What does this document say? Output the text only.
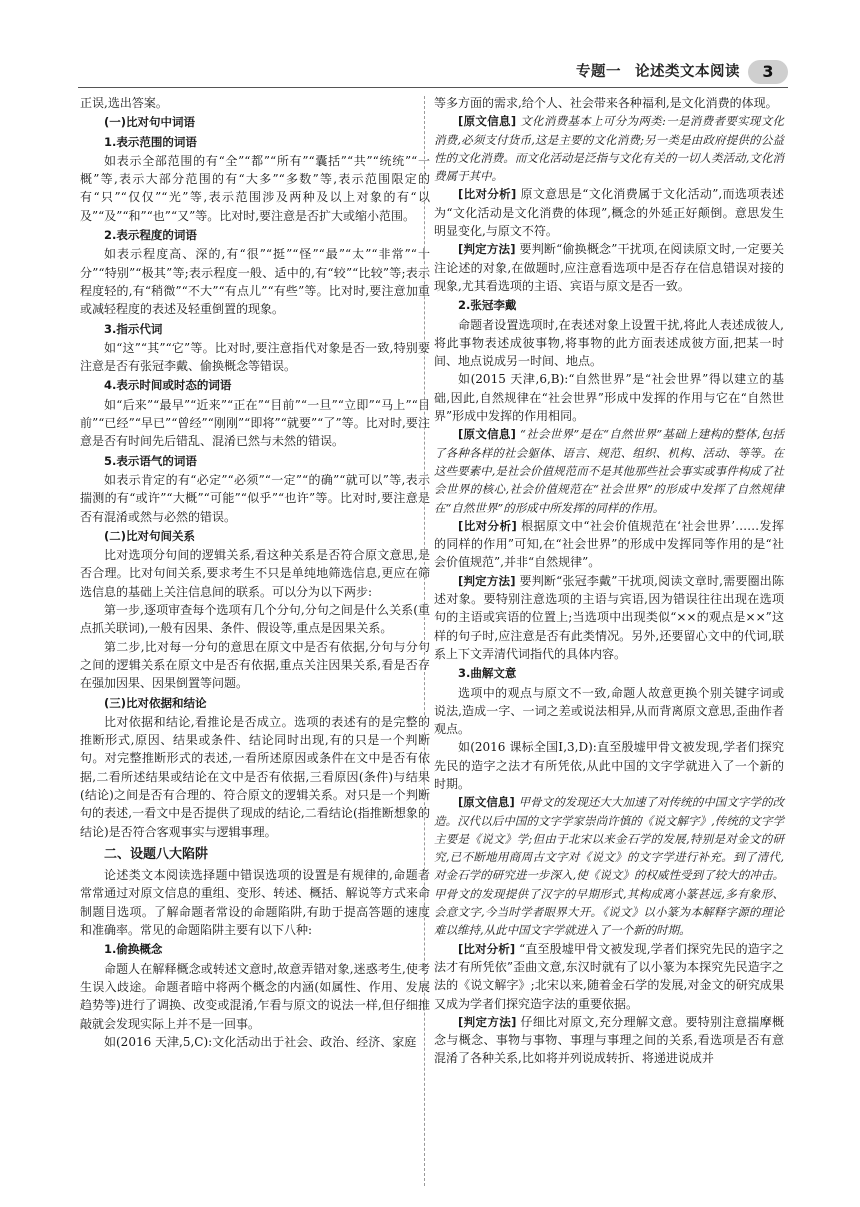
专题一 论述类文本阅读	3

正误,选出答案。

(一)比对句中词语
1.表示范围的词语

如表示全部范围的有“全”“都”“所有”“囊括”“共”“统统”“一概”等,表示大部分范围的有“大多”“多数”等,表示范围限定的有“只”“仅仅”“光”等,表示范围涉及两种及以上对象的有“以及”“及”“和”“也”“又”等。比对时,要注意是否扩大或缩小范围。

2.表示程度的词语

如表示程度高、深的,有“很”“挺”“怪”“最”“太”“非常”“十分”“特别”“极其”等;表示程度一般、适中的,有“较”“比较”等;表示程度轻的,有“稍微”“不大”“有点儿”“有些”等。比对时,要注意加重或减轻程度的表述及轻重倒置的现象。

3.指示代词

如“这”“其”“它”等。比对时,要注意指代对象是否一致,特别要注意是否有张冠李戴、偷换概念等错误。

4.表示时间或时态的词语

如“后来”“最早”“近来”“正在”“目前”“一旦”“立即”“马上”“目前”“已经”“早已”“曾经”“刚刚”“即将”“就要”“了”等。比对时,要注意是否有时间先后错乱、混淆已然与未然的错误。

5.表示语气的词语

如表示肯定的有“必定”“必须”“一定”“的确”“就可以”等,表示揣测的有“或许”“大概”“可能”“似乎”“也许”等。比对时,要注意是否有混淆或然与必然的错误。

(二)比对句间关系

比对选项分句间的逻辑关系,看这种关系是否符合原文意思,是否合理。比对句间关系,要求考生不只是单纯地筛选信息,更应在筛选信息的基础上关注信息间的联系。可以分为以下两步:

第一步,逐项审查每个选项有几个分句,分句之间是什么关系(重点抓关联词),一般有因果、条件、假设等,重点是因果关系。

第二步,比对每一分句的意思在原文中是否有依据,分句与分句之间的逻辑关系在原文中是否有依据,重点关注因果关系,看是否存在强加因果、因果倒置等问题。

(三)比对依据和结论

比对依据和结论,看推论是否成立。选项的表述有的是完整的推断形式,原因、结果或条件、结论同时出现,有的只是一个判断句。对完整推断形式的表述,一看所述原因或条件在文中是否有依据,二看所述结果或结论在文中是否有依据,三看原因(条件)与结果(结论)之间是否有合理的、符合原文的逻辑关系。对只是一个判断句的表述,一看文中是否提供了现成的结论,二看结论(指推断想象的结论)是否符合客观事实与逻辑事理。

二、设题八大陷阱

论述类文本阅读选择题中错误选项的设置是有规律的,命题者常常通过对原文信息的重组、变形、转述、概括、解说等方式来命制题目选项。了解命题者常设的命题陷阱,有助于提高答题的速度和准确率。常见的命题陷阱主要有以下八种:

1.偷换概念

命题人在解释概念或转述文意时,故意弄错对象,迷惑考生,使考生误入歧途。命题者暗中将两个概念的内涵(如属性、作用、发展趋势等)进行了调换、改变或混淆,乍看与原文的说法一样,但仔细推敲就会发现实际上并不是一回事。

如(2016 天津,5,C):文化活动出于社会、政治、经济、家庭

等多方面的需求,给个人、社会带来各种福利,是文化消费的体现。

[原文信息] 文化消费基本上可分为两类:一是消费者要实现文化消费,必须支付货币,这是主要的文化消费;另一类是由政府提供的公益性的文化消费。而文化活动是泛指与文化有关的一切人类活动,文化消费属于其中。

[比对分析] 原文意思是“文化消费属于文化活动”,而选项表述为“文化活动是文化消费的体现”,概念的外延正好颠倒。意思发生明显变化,与原文不符。

[判定方法] 要判断“偷换概念”干扰项,在阅读原文时,一定要关注论述的对象,在做题时,应注意看选项中是否存在信息错误对接的现象,尤其看选项的主语、宾语与原文是否一致。

2.张冠李戴

命题者设置选项时,在表述对象上设置干扰,将此人表述成彼人,将此事物表述成彼事物,将事物的此方面表述成彼方面,把某一时间、地点说成另一时间、地点。

如(2015 天津,6,B):“自然世界”是“社会世界”得以建立的基础,因此,自然规律在“社会世界”形成中发挥的作用与它在“自然世界”形成中发挥的作用相同。

[原文信息] “社会世界”是在“自然世界”基础上建构的整体,包括了各种各样的社会躯体、语言、规范、组织、机构、活动、等等。在这些要素中,是社会价值规范而不是其他那些社会事实或事件构成了社会世界的核心,社会价值规范在“社会世界”的形成中发挥了自然规律在“自然世界”的形成中所发挥的同样的作用。

[比对分析] 根据原文中“社会价值规范在‘社会世界’……发挥的同样的作用”可知,在“社会世界”的形成中发挥同等作用的是“社会价值规范”,并非“自然规律”。

[判定方法] 要判断“张冠李戴”干扰项,阅读文章时,需要圈出陈述对象。要特别注意选项的主语与宾语,因为错误往往出现在选项句的主语或宾语的位置上;当选项中出现类似“××的观点是××”这样的句子时,应注意是否有此类情况。另外,还要留心文中的代词,联系上下文弄清代词指代的具体内容。

3.曲解文意

选项中的观点与原文不一致,命题人故意更换个别关键字词或说法,造成一字、一词之差或说法相异,从而背离原文意思,歪曲作者观点。

如(2016 课标全国Ⅰ,3,D):直至殷墟甲骨文被发现,学者们探究先民的造字之法才有所凭依,从此中国的文字学就进入了一个新的时期。

[原文信息] 甲骨文的发现还大大加速了对传统的中国文字学的改造。汉代以后中国的文字学家崇尚许慎的《说文解字》,传统的文字学主要是《说文》学;但由于北宋以来金石学的发展,特别是对金文的研究,已不断地用商周古文字对《说文》的文字学进行补充。到了清代,对金石学的研究进一步深入,使《说文》的权威性受到了较大的冲击。甲骨文的发现提供了汉字的早期形式,其构成离小篆甚远,多有象形、会意文字,今当时学者眼界大开。《说文》以小篆为本解释字源的理论难以维持,从此中国文字学就进入了一个新的时期。

[比对分析] “直至殷墟甲骨文被发现,学者们探究先民的造字之法才有所凭依”歪曲文意,东汉时就有了以小篆为本探究先民造字之法的《说文解字》;北宋以来,随着金石学的发展,对金文的研究成果又成为学者们探究造字法的重要依据。

[判定方法] 仔细比对原文,充分理解文意。要特别注意揣摩概念与概念、事物与事物、事理与事理之间的关系,看选项是否有意混淆了各种关系,比如将并列说成转折、将递进说成并
